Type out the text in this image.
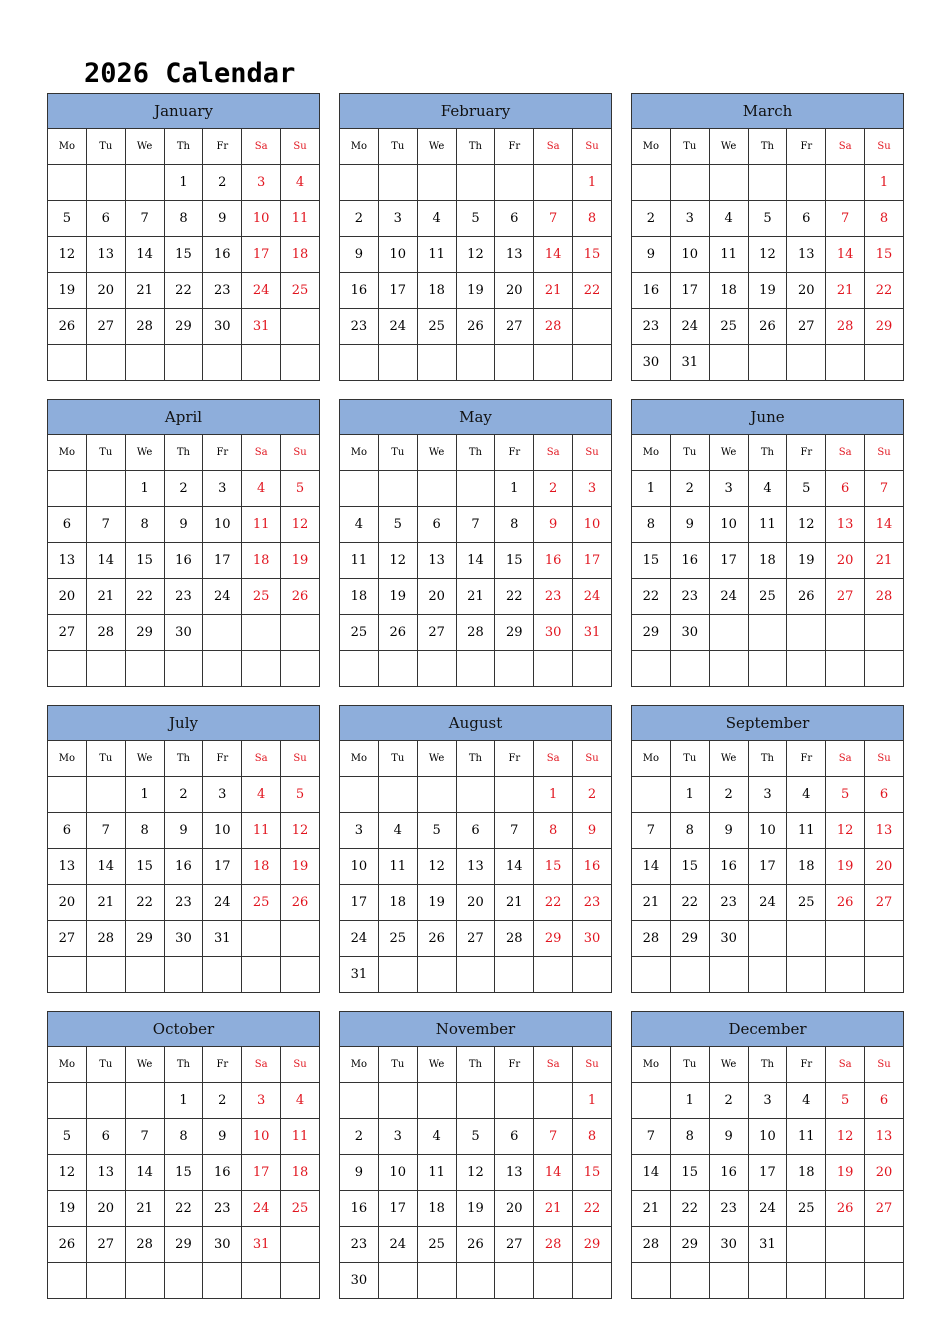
2026 Calendar
January						
Mo	Tu	We	Th	Fr	Sa	Su
			1	2	3	4
5	6	7	8	9	10	11
12	13	14	15	16	17	18
19	20	21	22	23	24	25
26	27	28	29	30	31	

February						
Mo	Tu	We	Th	Fr	Sa	Su
						1
2	3	4	5	6	7	8
9	10	11	12	13	14	15
16	17	18	19	20	21	22
23	24	25	26	27	28	

March						
Mo	Tu	We	Th	Fr	Sa	Su
						1
2	3	4	5	6	7	8
9	10	11	12	13	14	15
16	17	18	19	20	21	22
23	24	25	26	27	28	29
30	31					
April						
Mo	Tu	We	Th	Fr	Sa	Su
		1	2	3	4	5
6	7	8	9	10	11	12
13	14	15	16	17	18	19
20	21	22	23	24	25	26
27	28	29	30			

May						
Mo	Tu	We	Th	Fr	Sa	Su
				1	2	3
4	5	6	7	8	9	10
11	12	13	14	15	16	17
18	19	20	21	22	23	24
25	26	27	28	29	30	31

June						
Mo	Tu	We	Th	Fr	Sa	Su
1	2	3	4	5	6	7
8	9	10	11	12	13	14
15	16	17	18	19	20	21
22	23	24	25	26	27	28
29	30					

July						
Mo	Tu	We	Th	Fr	Sa	Su
		1	2	3	4	5
6	7	8	9	10	11	12
13	14	15	16	17	18	19
20	21	22	23	24	25	26
27	28	29	30	31		

August						
Mo	Tu	We	Th	Fr	Sa	Su
					1	2
3	4	5	6	7	8	9
10	11	12	13	14	15	16
17	18	19	20	21	22	23
24	25	26	27	28	29	30
31						
September						
Mo	Tu	We	Th	Fr	Sa	Su
	1	2	3	4	5	6
7	8	9	10	11	12	13
14	15	16	17	18	19	20
21	22	23	24	25	26	27
28	29	30				

October						
Mo	Tu	We	Th	Fr	Sa	Su
			1	2	3	4
5	6	7	8	9	10	11
12	13	14	15	16	17	18
19	20	21	22	23	24	25
26	27	28	29	30	31	

November						
Mo	Tu	We	Th	Fr	Sa	Su
						1
2	3	4	5	6	7	8
9	10	11	12	13	14	15
16	17	18	19	20	21	22
23	24	25	26	27	28	29
30						
December						
Mo	Tu	We	Th	Fr	Sa	Su
	1	2	3	4	5	6
7	8	9	10	11	12	13
14	15	16	17	18	19	20
21	22	23	24	25	26	27
28	29	30	31			
